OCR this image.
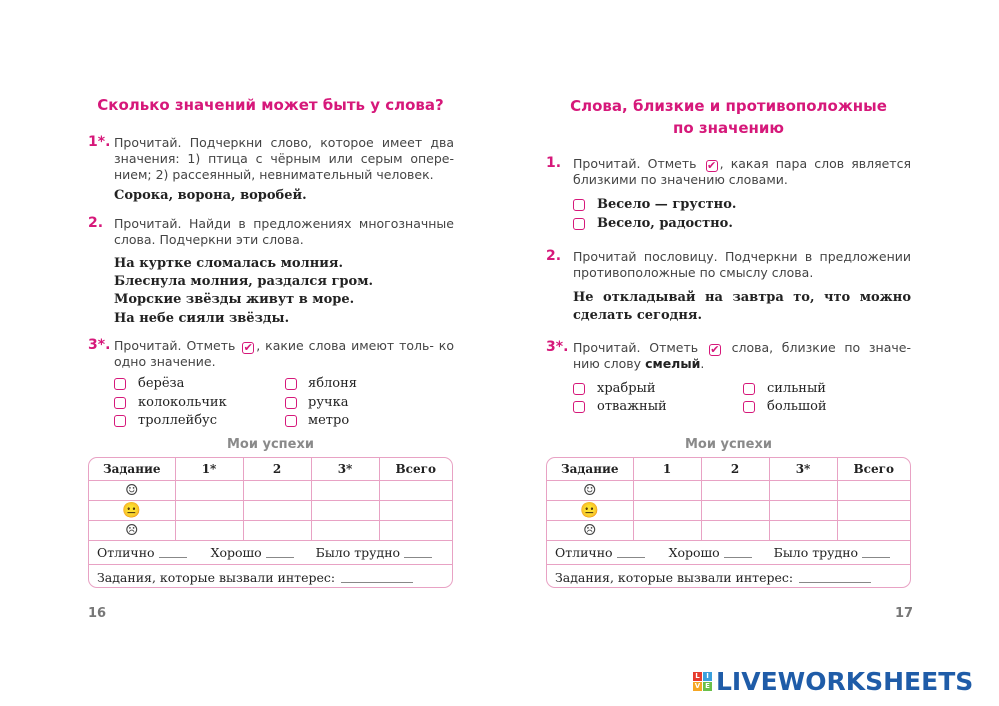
Сколько значений может быть у слова?
1*. Прочитай. Подчеркни слово, которое имеет два значения: 1) птица с чёрным или серым опере- нием; 2) рассеянный, невнимательный человек.
Сорока, ворона, воробей.
2. Прочитай. Найди в предложениях многозначные слова. Подчеркни эти слова.
На куртке сломалась молния.
Блеснула молния, раздался гром.
Морские звёзды живут в море.
На небе сияли звёзды.
3*. Прочитай. Отметь ✔ , какие слова имеют толь- ко одно значение.
берёза
колокольчик
троллейбус
яблоня
ручка
метро
Мои успехи
Задание	1*	2	3*	Всего
☺				
😐				
☹				
Отлично	Хорошо	Было трудно
Задания, которые вызвали интерес:
16
Слова, близкие и противоположные
по значению
1. Прочитай. Отметь ✔ , какая пара слов является близкими по значению словами.
Весело — грустно.
Весело, радостно.
2. Прочитай пословицу. Подчеркни в предложении противоположные по смыслу слова.
Не откладывай на завтра то, что можно сделать сегодня.
3*. Прочитай. Отметь ✔ слова, близкие по значе- нию слову смелый.
храбрый
отважный
сильный
большой
Мои успехи
Задание	1	2	3*	Всего
☺				
😐				
☹				
Отлично	Хорошо	Было трудно
Задания, которые вызвали интерес:
17
L I
V E LIVEWORKSHEETS
